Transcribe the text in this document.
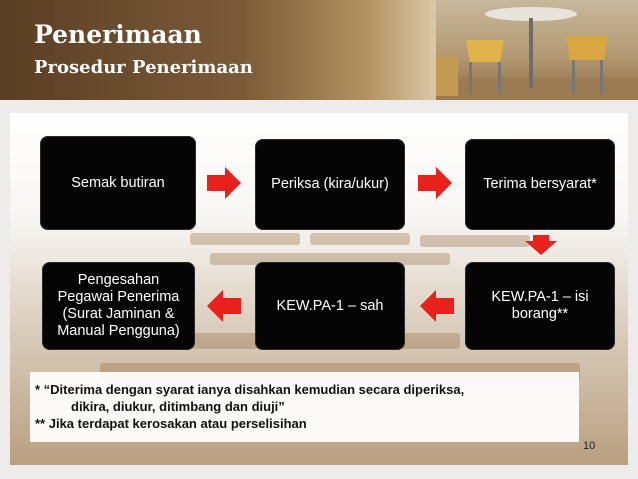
Penerimaan
Prosedur Penerimaan
Semak butiran	Periksa (kira/ukur)	Terima bersyarat*
KEW.PA-1 – isi
borang**
KEW.PA-1 – sah
Pengesahan
Pegawai Penerima
(Surat Jaminan &
Manual Pengguna)
* “Diterima dengan syarat ianya disahkan kemudian secara diperiksa,
dikira, diukur, ditimbang dan diuji”
** Jika terdapat kerosakan atau perselisihan
10
